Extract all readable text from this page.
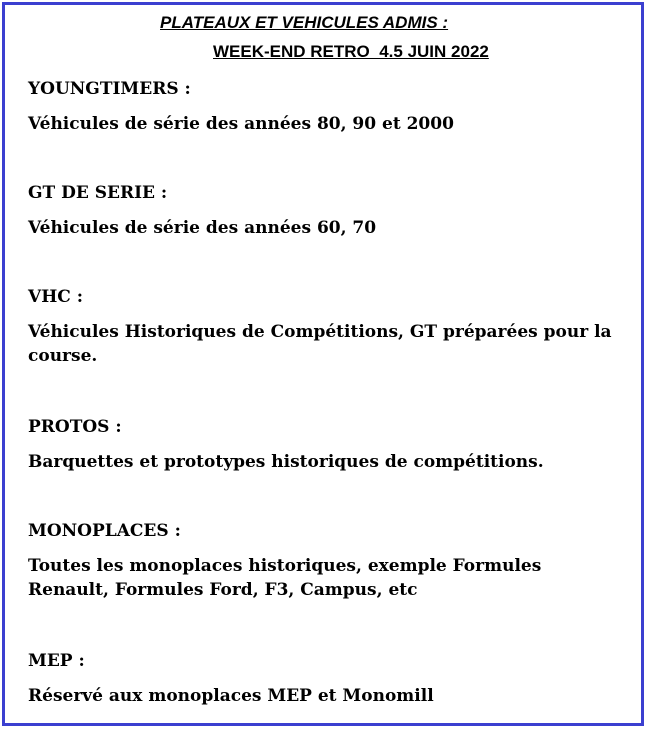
PLATEAUX ET VEHICULES ADMIS :
WEEK-END RETRO  4.5 JUIN 2022
YOUNGTIMERS :
Véhicules de série des années 80, 90 et 2000
GT DE SERIE :
Véhicules de série des années 60, 70
VHC :
Véhicules Historiques de Compétitions, GT préparées pour la course.
PROTOS :
Barquettes et prototypes historiques de compétitions.
MONOPLACES :
Toutes les monoplaces historiques, exemple Formules Renault, Formules Ford, F3, Campus, etc
MEP :
Réservé aux monoplaces MEP et Monomill
